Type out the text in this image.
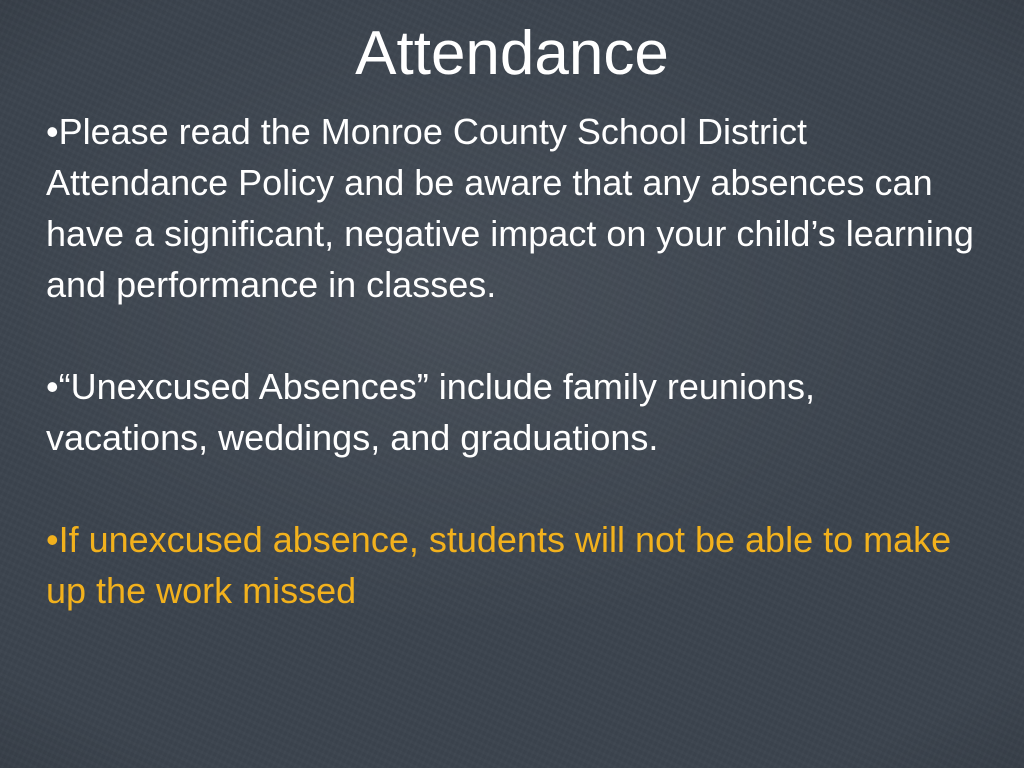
Attendance
•Please read the Monroe County School District Attendance Policy and be aware that any absences can have a significant, negative impact on your child’s learning and performance in classes.
•“Unexcused Absences” include family reunions, vacations, weddings, and graduations.
•If unexcused absence, students will not be able to make up the work missed
